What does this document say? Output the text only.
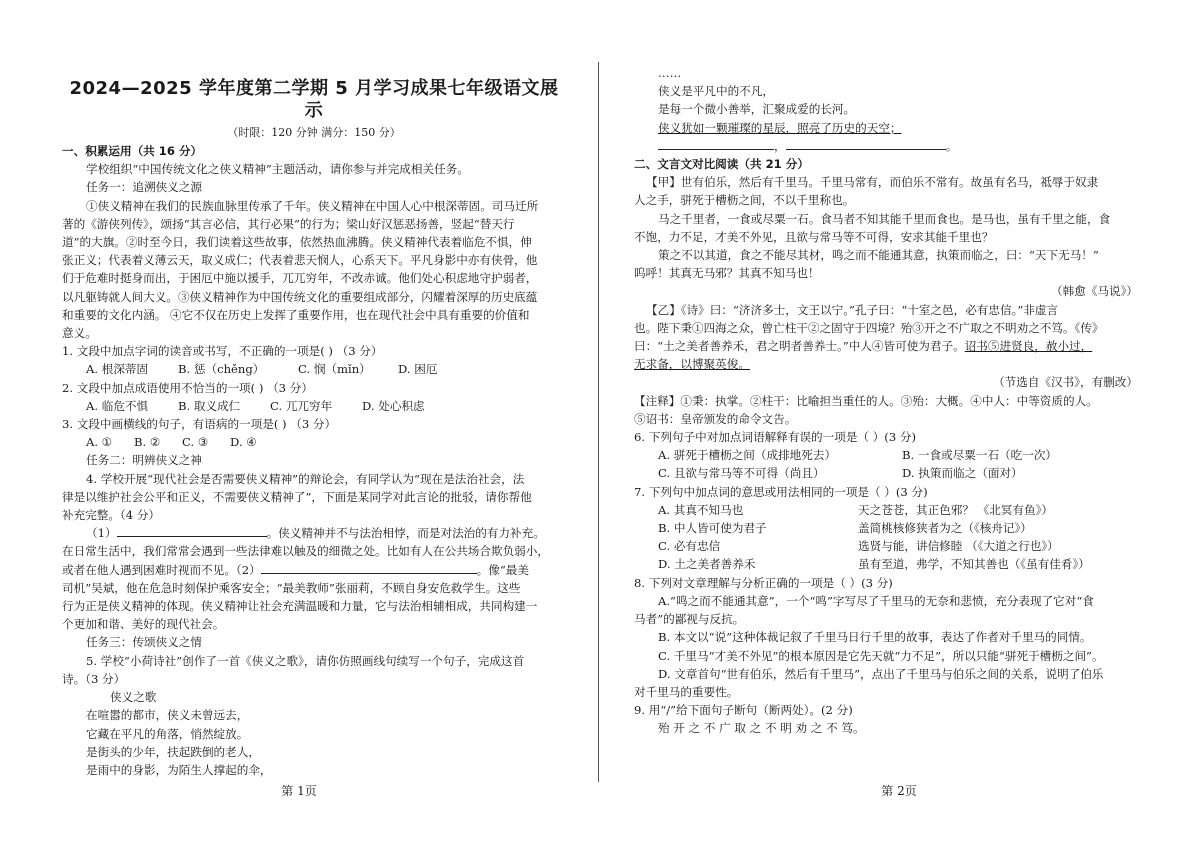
2024—2025 学年度第二学期 5 月学习成果七年级语文展示
（时限：120 分钟 满分：150 分）
一、积累运用（共 16 分）
学校组织“中国传统文化之侠义精神”主题活动，请你参与并完成相关任务。
任务一：追溯侠义之源
①侠义精神在我们的民族血脉里传承了千年。侠义精神在中国人心中根深蒂固。司马迁所
著的《游侠列传》，颂扬“其言必信，其行必果”的行为；梁山好汉惩恶扬善，竖起“替天行
道”的大旗。②时至今日，我们读着这些故事，依然热血沸腾。侠义精神代表着临危不惧，伸
张正义；代表着义薄云天，取义成仁；代表着悲天悯人，心系天下。平凡身影中亦有侠骨，他
们于危难时挺身而出，于困厄中施以援手，兀兀穷年，不改赤诚。他们处心积虑地守护弱者，
以凡躯铸就人间大义。③侠义精神作为中国传统文化的重要组成部分，闪耀着深厚的历史底蕴
和重要的文化内涵。 ④它不仅在历史上发挥了重要作用，也在现代社会中具有重要的价值和
意义。
1. 文段中加点字词的读音或书写，不正确的一项是( ) （3 分）
A. 根深蒂固	B. 惩（chěng）	C. 悯（mǐn）	D. 困厄
2. 文段中加点成语使用不恰当的一项( ) （3 分）
A. 临危不惧	B. 取义成仁	C. 兀兀穷年	D. 处心积虑
3. 文段中画横线的句子，有语病的一项是( ) （3 分）
A. ①	B. ②	C. ③	D. ④
任务二：明辨侠义之神
4. 学校开展“现代社会是否需要侠义精神”的辩论会，有同学认为“现在是法治社会，法
律是以维护社会公平和正义，不需要侠义精神了”，下面是某同学对此言论的批驳，请你帮他
补充完整。（4 分）
（1）	。侠义精神并不与法治相悖，而是对法治的有力补充。
在日常生活中，我们常常会遇到一些法律难以触及的细微之处。比如有人在公共场合欺负弱小，
或者在他人遇到困难时视而不见。（2）	。像“最美
司机”吴斌，他在危急时刻保护乘客安全；“最美教师”张丽莉，不顾自身安危救学生。这些
行为正是侠义精神的体现。侠义精神让社会充满温暖和力量，它与法治相辅相成，共同构建一
个更加和谐、美好的现代社会。
任务三：传颂侠义之情
5. 学校“小荷诗社”创作了一首《侠义之歌》，请你仿照画线句续写一个句子，完成这首
诗。（3 分）
侠义之歌
在喧嚣的都市，侠义未曾远去，
它藏在平凡的角落，悄然绽放。
是街头的少年，扶起跌倒的老人，
是雨中的身影，为陌生人撑起的伞，
第 1页
……
侠义是平凡中的不凡，
是每一个微小善举，汇聚成爱的长河。
侠义犹如一颗璀璨的星辰，照亮了历史的天空；
，	。
二、文言文对比阅读（共 21 分）
【甲】世有伯乐，然后有千里马。千里马常有，而伯乐不常有。故虽有名马，祗辱于奴隶
人之手，骈死于槽枥之间，不以千里称也。
马之千里者，一食或尽粟一石。食马者不知其能千里而食也。是马也，虽有千里之能，食
不饱，力不足，才美不外见，且欲与常马等不可得，安求其能千里也？
策之不以其道，食之不能尽其材，鸣之而不能通其意，执策而临之，曰：“天下无马！”
呜呼！其真无马邪？其真不知马也！
（韩愈《马说》）
【乙】《诗》曰：“济济多士，文王以宁。”孔子曰：“十室之邑，必有忠信。”非虚言
也。陛下秉①四海之众，曾亡柱干②之固守于四境？殆③开之不广取之不明劝之不笃。《传》
曰：“土之美者善养禾，君之明者善养士。”中人④皆可使为君子。诏书⑤进贤良，赦小过，
无求备，以博聚英俊。
（节选自《汉书》，有删改）
【注释】①秉：执掌。②柱干：比喻担当重任的人。③殆：大概。④中人：中等资质的人。
⑤诏书：皇帝颁发的命令文告。
6. 下列句子中对加点词语解释有误的一项是（ ）(3 分)
A. 骈死于槽枥之间（成排地死去）	B. 一食或尽粟一石（吃一次）
C. 且欲与常马等不可得（尚且）	D. 执策而临之（面对）
7. 下列句中加点词的意思或用法相同的一项是（ ）(3 分)
A. 其真不知马也	天之苍苍，其正色邪？ 《北冥有鱼》）
B. 中人皆可使为君子	盖简桃核修狭者为之（《核舟记》）
C. 必有忠信	选贤与能，讲信修睦 （《大道之行也》）
D. 土之美者善养禾	虽有至道，弗学，不知其善也（《虽有佳肴》）
8. 下列对文章理解与分析正确的一项是（ ）(3 分)
A.“鸣之而不能通其意”，一个“鸣”字写尽了千里马的无奈和悲愤，充分表现了它对“食
马者”的鄙视与反抗。
B. 本文以“说”这种体裁记叙了千里马日行千里的故事，表达了作者对千里马的同情。
C. 千里马“才美不外见”的根本原因是它先天就“力不足”，所以只能“骈死于槽枥之间”。
D. 文章首句“世有伯乐，然后有千里马”，点出了千里马与伯乐之间的关系，说明了伯乐
对千里马的重要性。
9. 用“/”给下面句子断句（断两处）。(2 分)
殆 开 之 不 广 取 之 不 明 劝 之 不 笃。
第 2页
